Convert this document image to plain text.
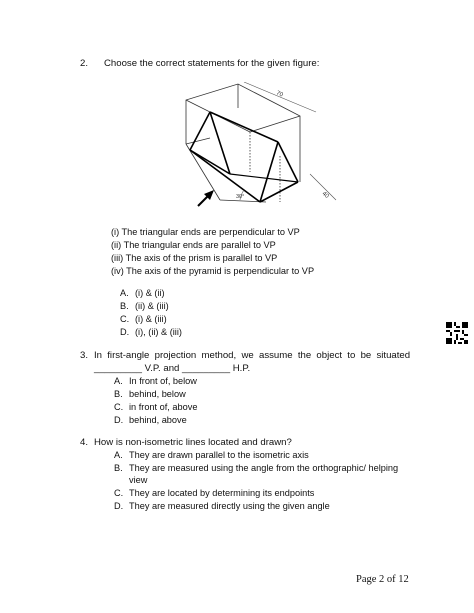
2. Choose the correct statements for the given figure:
70
40
30°
(i) The triangular ends are perpendicular to VP
(ii) The triangular ends are parallel to VP
(iii) The axis of the prism is parallel to VP
(iv) The axis of the pyramid is perpendicular to VP
A. (i) & (ii)
B. (ii) & (iii)
C. (i) & (iii)
D. (i), (ii) & (iii)
3. In first-angle projection method, we assume the object to be situated
_________ V.P. and _________ H.P.
A. In front of, below
B. behind, below
C. in front of, above
D. behind, above
4. How is non-isometric lines located and drawn?
A. They are drawn parallel to the isometric axis
B. They are measured using the angle from the orthographic/ helping
view
C. They are located by determining its endpoints
D. They are measured directly using the given angle
Page 2 of 12
